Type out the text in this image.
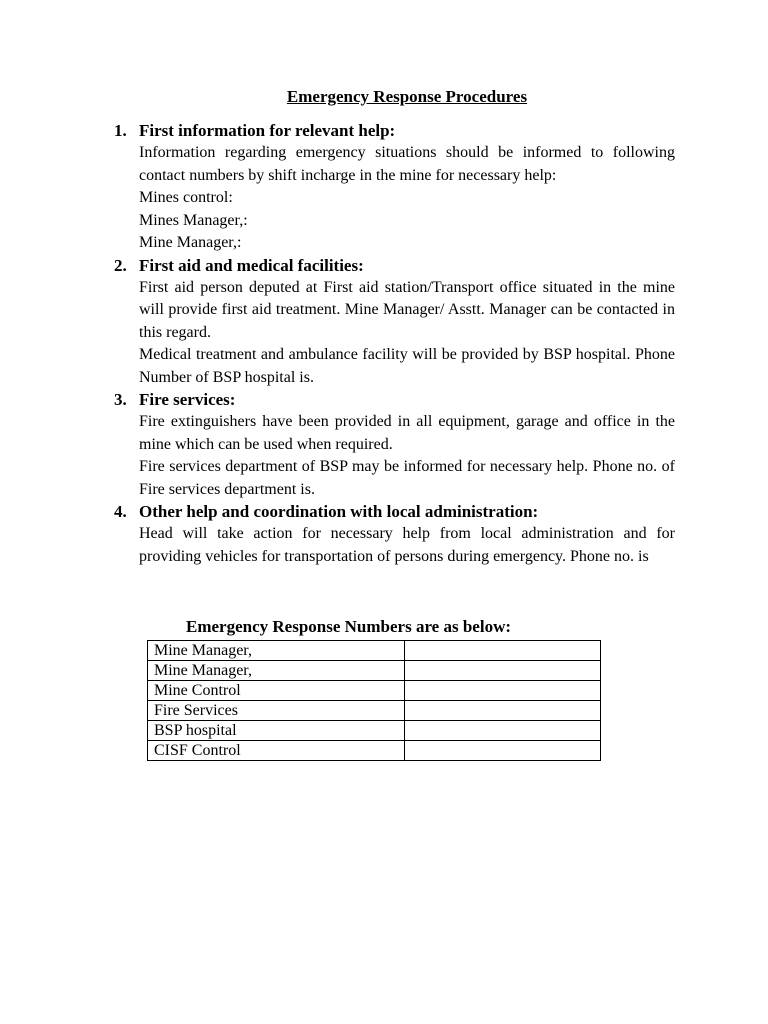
Emergency Response Procedures
1. First information for relevant help:

Information regarding emergency situations should be informed to following contact numbers by shift incharge in the mine for necessary help:

Mines control:

Mines Manager,:

Mine Manager,:

2. First aid and medical facilities:

First aid person deputed at First aid station/Transport office situated in the mine will provide first aid treatment. Mine Manager/ Asstt. Manager can be contacted in this regard.

Medical treatment and ambulance facility will be provided by BSP hospital. Phone Number of BSP hospital is.

3. Fire services:

Fire extinguishers have been provided in all equipment, garage and office in the mine which can be used when required.

Fire services department of BSP may be informed for necessary help. Phone no. of Fire services department is.

4. Other help and coordination with local administration:

Head will take action for necessary help from local administration and for providing vehicles for transportation of persons during emergency. Phone no. is

Emergency Response Numbers are as below:
Mine Manager,	
Mine Manager,	
Mine Control	
Fire Services	
BSP hospital	
CISF Control	
